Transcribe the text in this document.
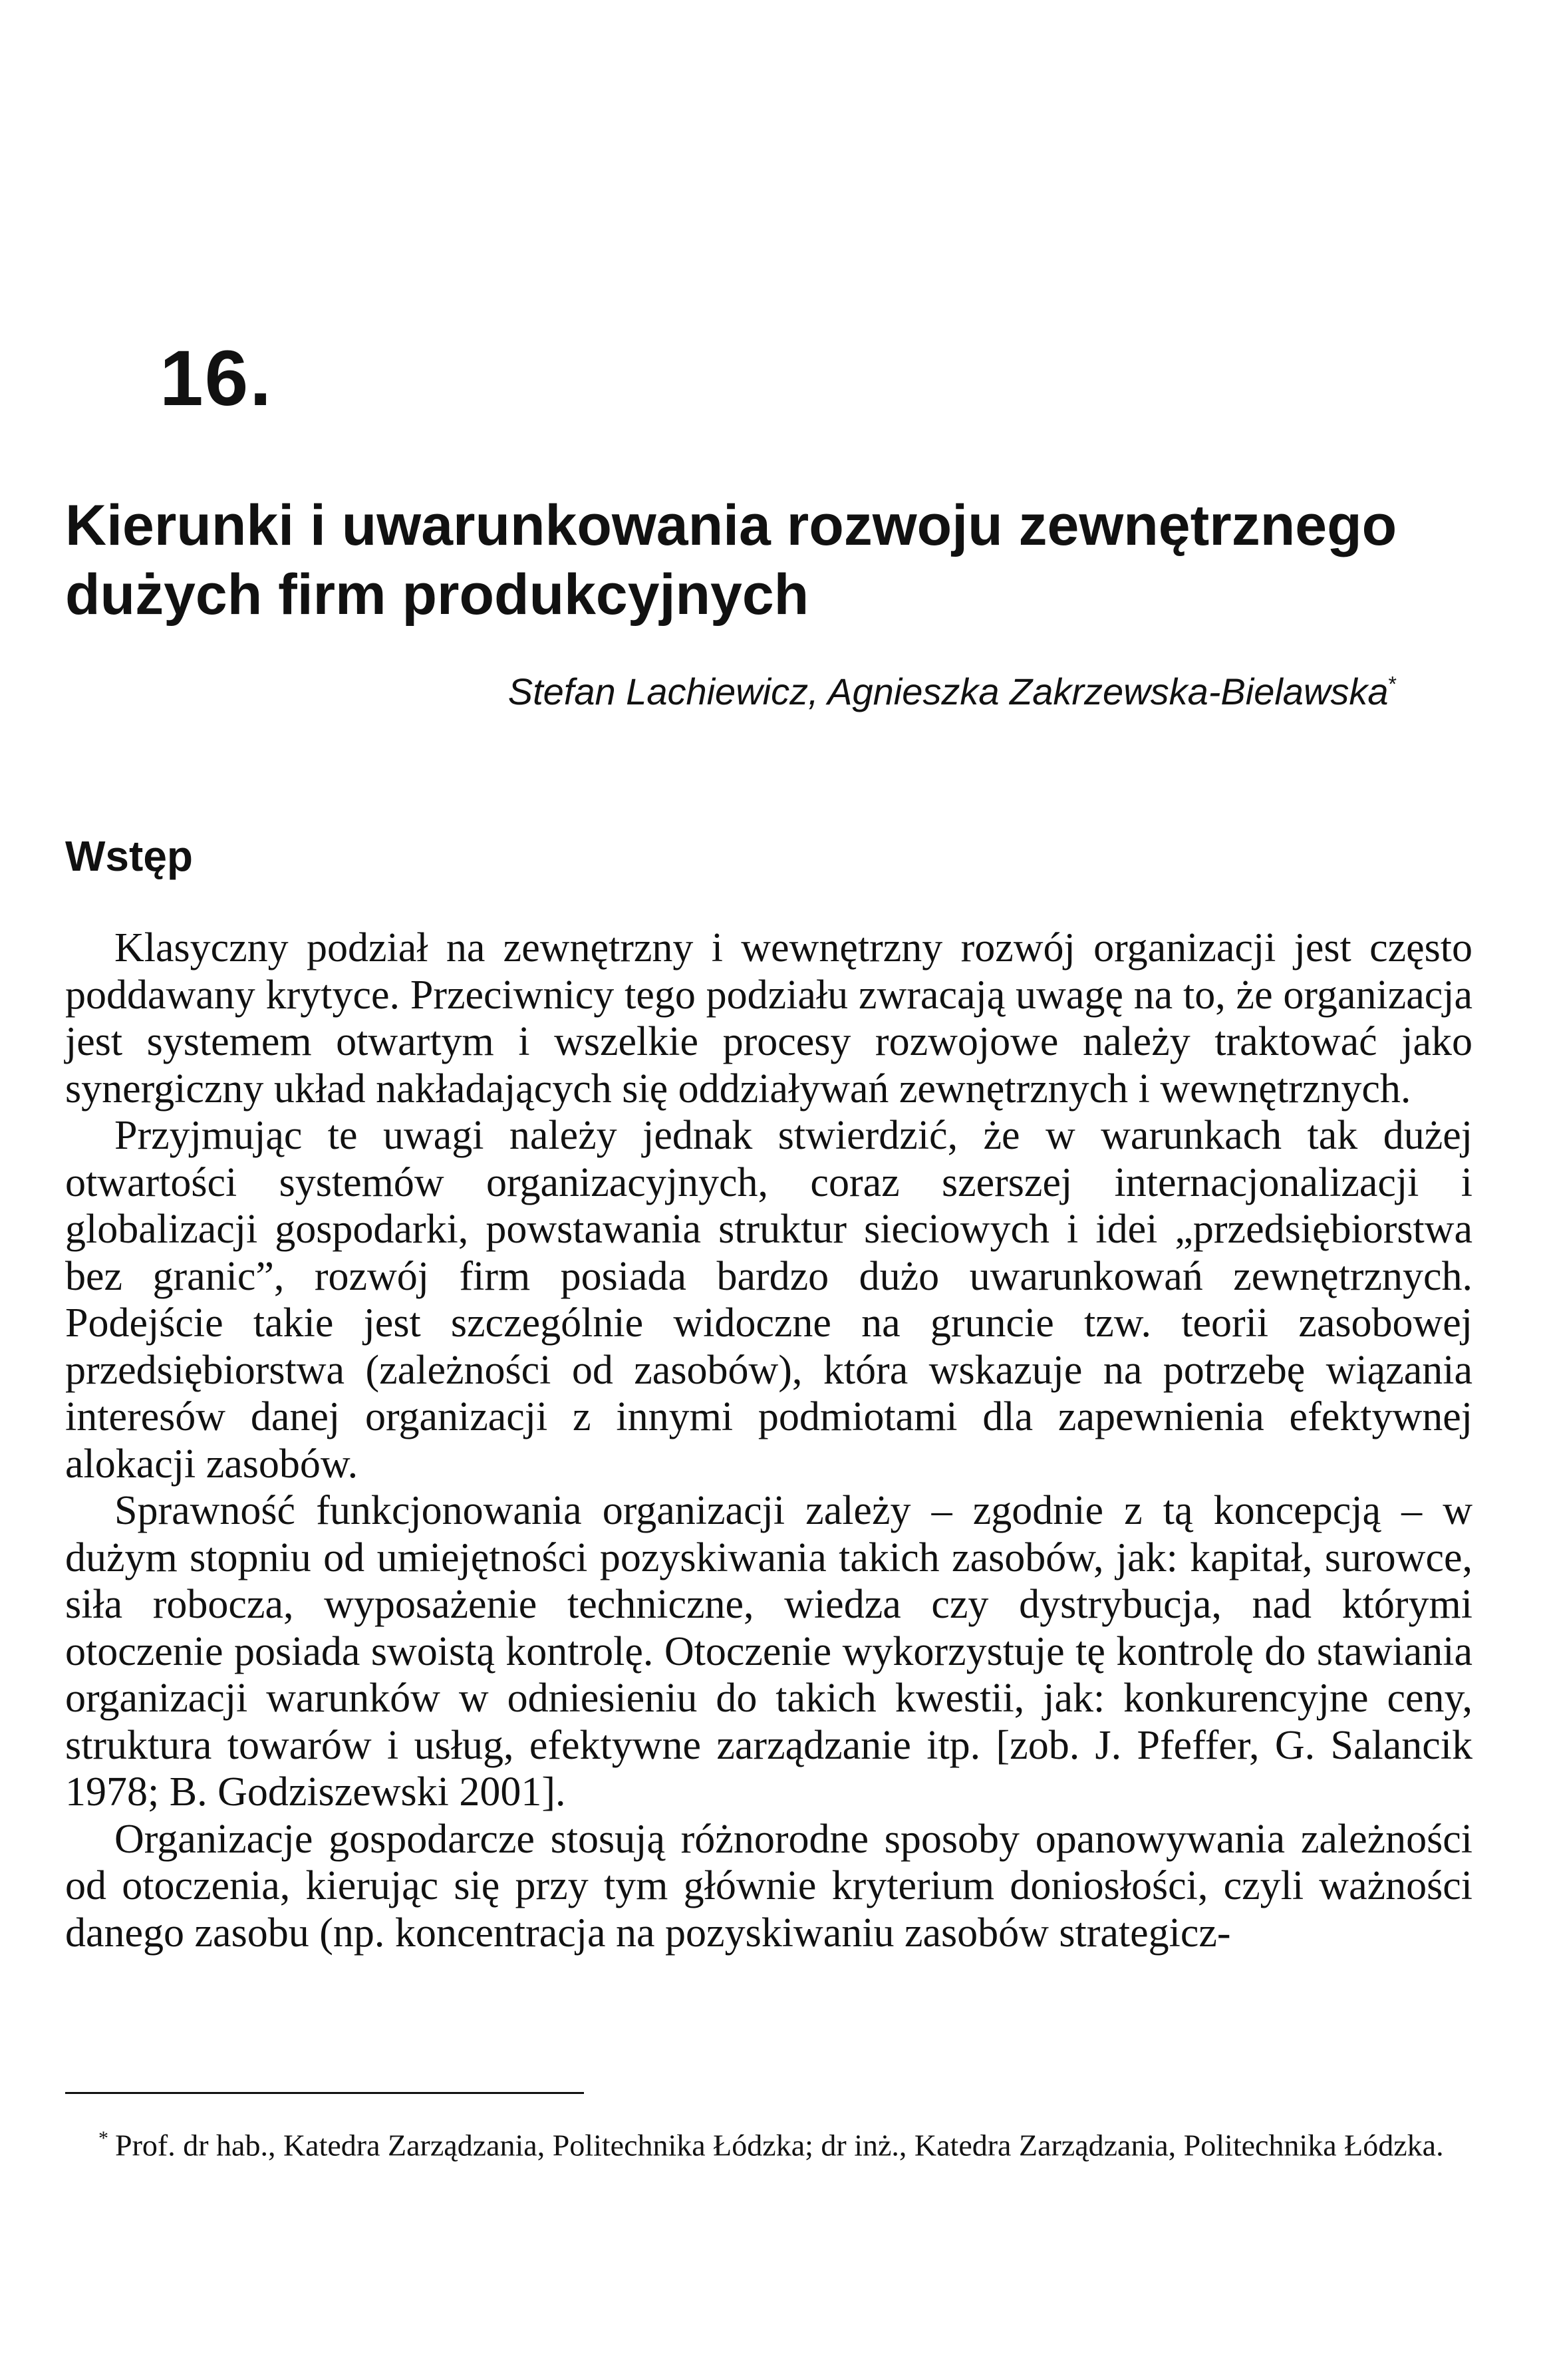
16.
Kierunki i uwarunkowania rozwoju zewnętrznego
dużych firm produkcyjnych

Stefan Lachiewicz, Agnieszka Zakrzewska-Bielawska*

Wstęp

Klasyczny podział na zewnętrzny i wewnętrzny rozwój organizacji jest często poddawany krytyce. Przeciwnicy tego podziału zwracają uwagę na to, że organizacja jest systemem otwartym i wszelkie procesy rozwojowe należy traktować jako synergiczny układ nakładających się oddziaływań zewnętrznych i wewnętrznych.

Przyjmując te uwagi należy jednak stwierdzić, że w warunkach tak dużej otwartości systemów organizacyjnych, coraz szerszej internacjonalizacji i globalizacji gospodarki, powstawania struktur sieciowych i idei „przedsiębiorstwa bez granic”, rozwój firm posiada bardzo dużo uwarunkowań zewnętrznych. Podejście takie jest szczególnie widoczne na gruncie tzw. teorii zasobowej przedsiębiorstwa (zależności od zasobów), która wskazuje na potrzebę wiązania interesów danej organizacji z innymi podmiotami dla zapewnienia efektywnej alokacji zasobów.

Sprawność funkcjonowania organizacji zależy – zgodnie z tą koncepcją – w dużym stopniu od umiejętności pozyskiwania takich zasobów, jak: kapitał, surowce, siła robocza, wyposażenie techniczne, wiedza czy dystrybucja, nad którymi otoczenie posiada swoistą kontrolę. Otoczenie wykorzystuje tę kontrolę do stawiania organizacji warunków w odniesieniu do takich kwestii, jak: konkurencyjne ceny, struktura towarów i usług, efektywne zarządzanie itp. [zob. J. Pfeffer, G. Salancik 1978; B. Godziszewski 2001].

Organizacje gospodarcze stosują różnorodne sposoby opanowywania zależności od otoczenia, kierując się przy tym głównie kryterium doniosłości, czyli ważności danego zasobu (np. koncentracja na pozyskiwaniu zasobów strategicz-

* Prof. dr hab., Katedra Zarządzania, Politechnika Łódzka; dr inż., Katedra Zarządzania, Politechnika Łódzka.
